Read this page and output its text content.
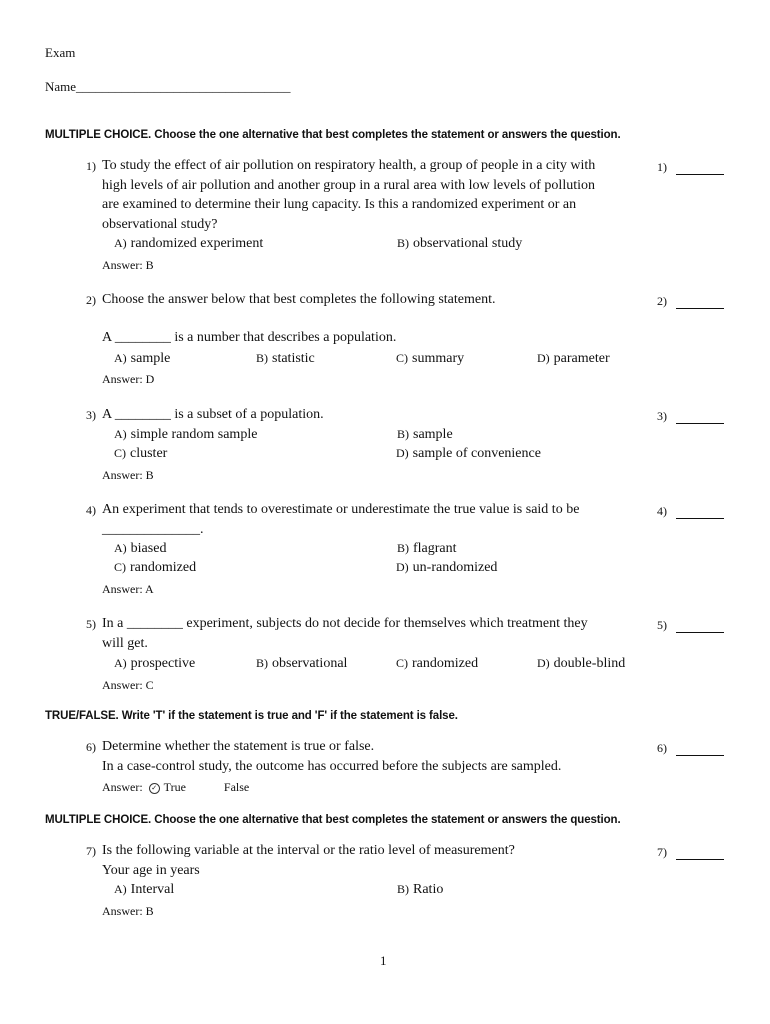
Exam
Name_________________________________
MULTIPLE CHOICE. Choose the one alternative that best completes the statement or answers the question.
1) To study the effect of air pollution on respiratory health, a group of people in a city with
high levels of air pollution and another group in a rural area with low levels of pollution
are examined to determine their lung capacity. Is this a randomized experiment or an
observational study?
A) randomized experiment	B) observational study
Answer: B
1)
2) Choose the answer below that best completes the following statement.
A ________ is a number that describes a population.
A) sample	B) statistic	C) summary	D) parameter
Answer: D
2)
3) A ________ is a subset of a population.
A) simple random sample	B) sample
C) cluster	D) sample of convenience
Answer: B
3)
4) An experiment that tends to overestimate or underestimate the true value is said to be
______________.
A) biased	B) flagrant
C) randomized	D) un-randomized
Answer: A
4)
5) In a ________ experiment, subjects do not decide for themselves which treatment they
will get.
A) prospective	B) observational	C) randomized	D) double-blind
Answer: C
5)
TRUE/FALSE. Write 'T' if the statement is true and 'F' if the statement is false.
6) Determine whether the statement is true or false.
In a case-control study, the outcome has occurred before the subjects are sampled.
Answer: ✓ True	False
6)
MULTIPLE CHOICE. Choose the one alternative that best completes the statement or answers the question.
7) Is the following variable at the interval or the ratio level of measurement?
Your age in years
A) Interval	B) Ratio
Answer: B
7)
1
